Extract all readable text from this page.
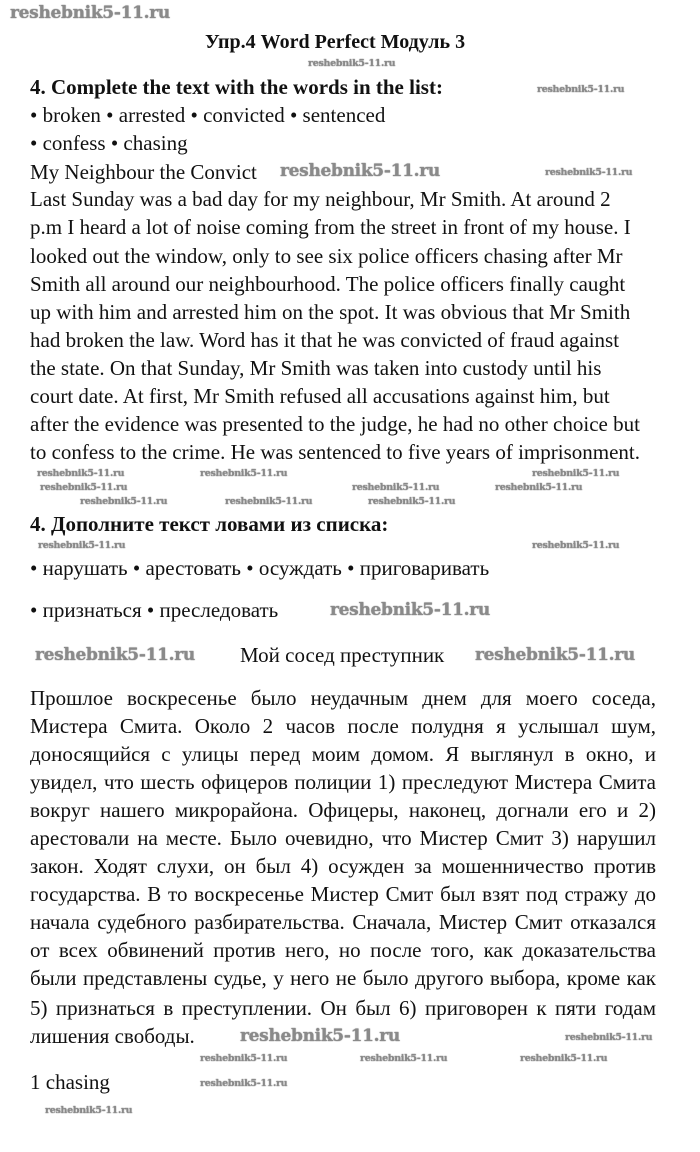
Упр.4 Word Perfect Модуль 3
4. Complete the text with the words in the list:
• broken • arrested • convicted • sentenced
• confess • chasing
My Neighbour the Convict
Last Sunday was a bad day for my neighbour, Mr Smith. At around 2
p.m I heard a lot of noise coming from the street in front of my house. I
looked out the window, only to see six police officers chasing after Mr
Smith all around our neighbourhood. The police officers finally caught
up with him and arrested him on the spot. It was obvious that Mr Smith
had broken the law. Word has it that he was convicted of fraud against
the state. On that Sunday, Mr Smith was taken into custody until his
court date. At first, Mr Smith refused all accusations against him, but
after the evidence was presented to the judge, he had no other choice but
to confess to the crime. He was sentenced to five years of imprisonment.
4. Дополните текст ловами из списка:
• нарушать • арестовать • осуждать • приговаривать
• признаться • преследовать
Мой сосед преступник
Прошлое воскресенье было неудачным днем для моего соседа,
Мистера Смита. Около 2 часов после полудня я услышал шум,
доносящийся с улицы перед моим домом. Я выглянул в окно, и
увидел, что шесть офицеров полиции 1) преследуют Мистера Смита
вокруг нашего микрорайона. Офицеры, наконец, догнали его и 2)
арестовали на месте. Было очевидно, что Мистер Смит 3) нарушил
закон. Ходят слухи, он был 4) осужден за мошенничество против
государства. В то воскресенье Мистер Смит был взят под стражу до
начала судебного разбирательства. Сначала, Мистер Смит отказался
от всех обвинений против него, но после того, как доказательства
были представлены судье, у него не было другого выбора, кроме как
5) признаться в преступлении. Он был 6) приговорен к пяти годам
лишения свободы.
1 chasing
reshebnik5-11.ru
reshebnik5-11.ru
reshebnik5-11.ru
reshebnik5-11.ru	reshebnik5-11.ru
reshebnik5-11.ru
reshebnik5-11.ru	reshebnik5-11.ru	reshebnik5-11.ru
reshebnik5-11.ru	reshebnik5-11.ru	reshebnik5-11.ru
reshebnik5-11.ru	reshebnik5-11.ru
reshebnik5-11.ru
reshebnik5-11.ru
reshebnik5-11.ru
reshebnik5-11.ru	reshebnik5-11.ru
reshebnik5-11.ru	reshebnik5-11.ru	reshebnik5-11.ru
reshebnik5-11.ru
reshebnik5-11.ru	reshebnik5-11.ru
reshebnik5-11.ru
